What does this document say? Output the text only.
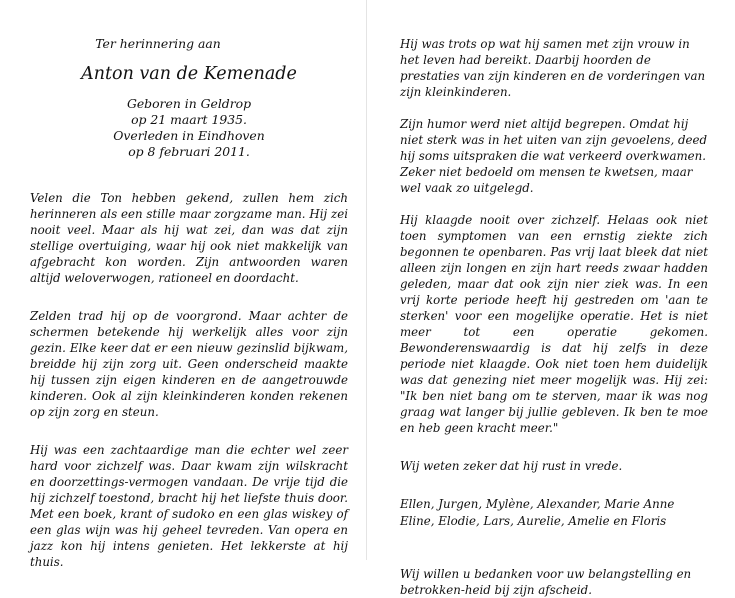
Ter herinnering aan
Anton van de Kemenade
Geboren in Geldrop
op 21 maart 1935.
Overleden in Eindhoven
op 8 februari 2011.

Velen die Ton hebben gekend, zullen hem zich herinneren als een stille maar zorgzame man. Hij zei nooit veel. Maar als hij wat zei, dan was dat zijn stellige overtuiging, waar hij ook niet makkelijk van afgebracht kon worden. Zijn antwoorden waren altijd weloverwogen, rationeel en doordacht.

Zelden trad hij op de voorgrond. Maar achter de schermen betekende hij werkelijk alles voor zijn gezin. Elke keer dat er een nieuw gezinslid bijkwam, breidde hij zijn zorg uit. Geen onderscheid maakte hij tussen zijn eigen kinderen en de aangetrouwde kinderen. Ook al zijn kleinkinderen konden rekenen op zijn zorg en steun.

Hij was een zachtaardige man die echter wel zeer hard voor zichzelf was. Daar kwam zijn wilskracht en doorzettings-vermogen vandaan. De vrije tijd die hij zichzelf toestond, bracht hij het liefste thuis door. Met een boek, krant of sudoko en een glas wiskey of een glas wijn was hij geheel tevreden. Van opera en jazz kon hij intens genieten. Het lekkerste at hij thuis.

Hij was trots op wat hij samen met zijn vrouw in het leven had bereikt. Daarbij hoorden de prestaties van zijn kinderen en de vorderingen van zijn kleinkinderen.

Zijn humor werd niet altijd begrepen. Omdat hij niet sterk was in het uiten van zijn gevoelens, deed hij soms uitspraken die wat verkeerd overkwamen. Zeker niet bedoeld om mensen te kwetsen, maar wel vaak zo uitgelegd.

Hij klaagde nooit over zichzelf. Helaas ook niet toen symptomen van een ernstig ziekte zich begonnen te openbaren. Pas vrij laat bleek dat niet alleen zijn longen en zijn hart reeds zwaar hadden geleden, maar dat ook zijn nier ziek was. In een vrij korte periode heeft hij gestreden om 'aan te sterken' voor een mogelijke operatie. Het is niet meer tot een operatie gekomen. Bewonderenswaardig is dat hij zelfs in deze periode niet klaagde. Ook niet toen hem duidelijk was dat genezing niet meer mogelijk was. Hij zei: "Ik ben niet bang om te sterven, maar ik was nog graag wat langer bij jullie gebleven. Ik ben te moe en heb geen kracht meer."

Wij weten zeker dat hij rust in vrede.

Ellen, Jurgen, Mylène, Alexander, Marie Anne

Eline, Elodie, Lars, Aurelie, Amelie en Floris

Wij willen u bedanken voor uw belangstelling en betrokken-heid bij zijn afscheid.
